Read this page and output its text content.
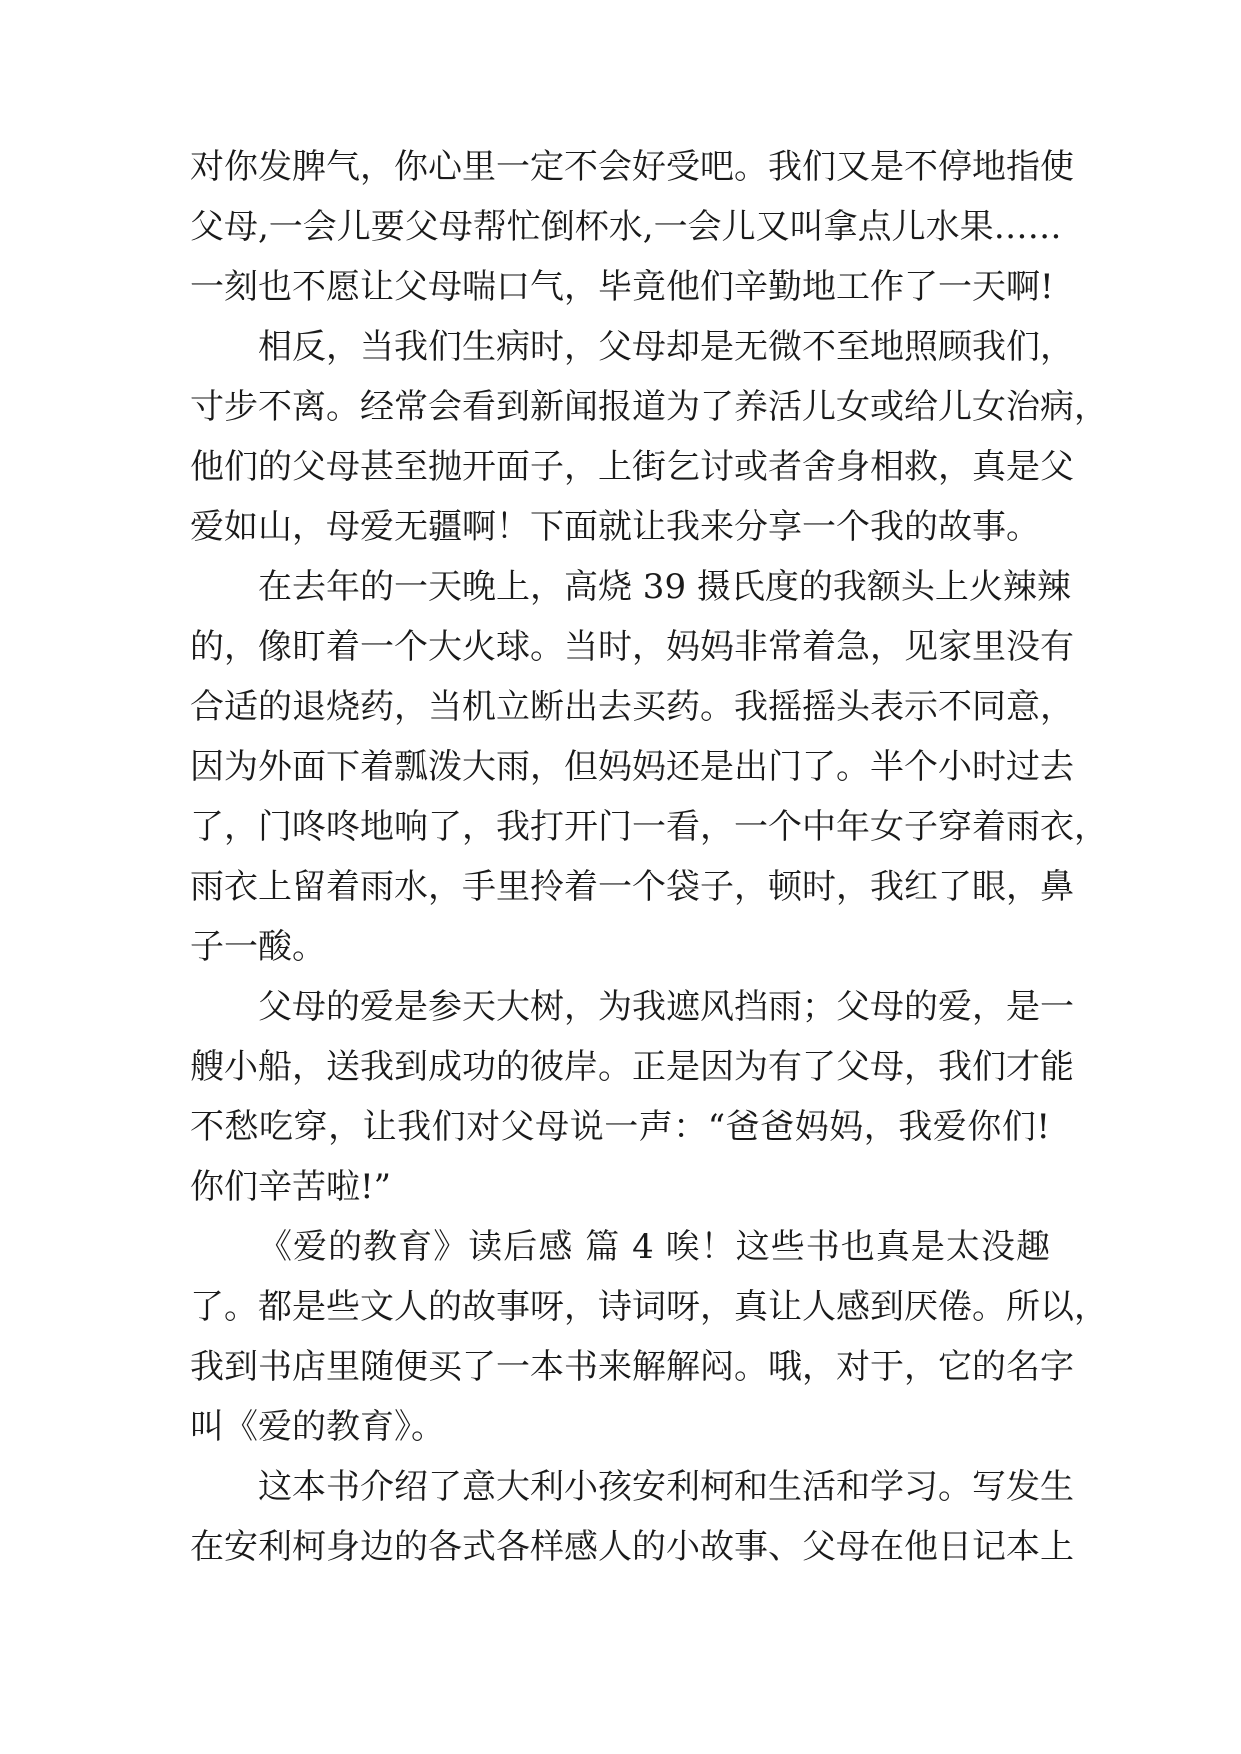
对你发脾气，你心里一定不会好受吧。我们又是不停地指使
父母,一会儿要父母帮忙倒杯水,一会儿又叫拿点儿水果……
一刻也不愿让父母喘口气，毕竟他们辛勤地工作了一天啊!
相反，当我们生病时，父母却是无微不至地照顾我们，
寸步不离。经常会看到新闻报道为了养活儿女或给儿女治病，
他们的父母甚至抛开面子，上街乞讨或者舍身相救，真是父
爱如山，母爱无疆啊！下面就让我来分享一个我的故事。
在去年的一天晚上，高烧 39 摄氏度的我额头上火辣辣
的，像盯着一个大火球。当时，妈妈非常着急，见家里没有
合适的退烧药，当机立断出去买药。我摇摇头表示不同意，
因为外面下着瓢泼大雨，但妈妈还是出门了。半个小时过去
了，门咚咚地响了，我打开门一看，一个中年女子穿着雨衣，
雨衣上留着雨水，手里拎着一个袋子，顿时，我红了眼，鼻
子一酸。
父母的爱是参天大树，为我遮风挡雨；父母的爱，是一
艘小船，送我到成功的彼岸。正是因为有了父母，我们才能
不愁吃穿，让我们对父母说一声：“爸爸妈妈，我爱你们!
你们辛苦啦!”
《爱的教育》读后感 篇 4 唉！这些书也真是太没趣
了。都是些文人的故事呀，诗词呀，真让人感到厌倦。所以，
我到书店里随便买了一本书来解解闷。哦，对于，它的名字
叫《爱的教育》。
这本书介绍了意大利小孩安利柯和生活和学习。写发生
在安利柯身边的各式各样感人的小故事、父母在他日记本上
